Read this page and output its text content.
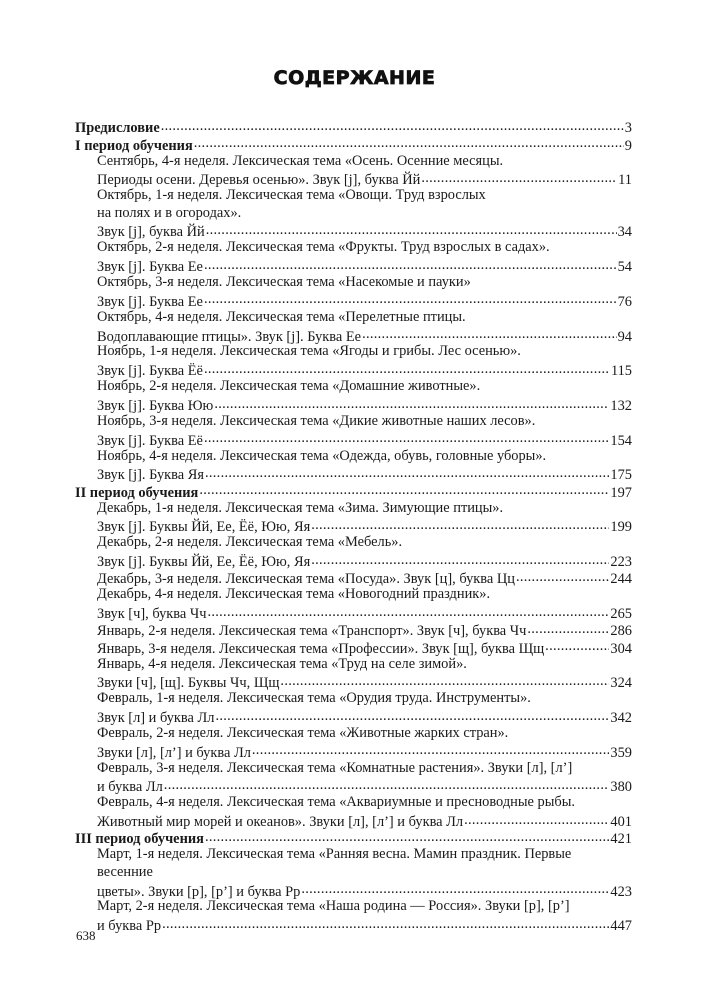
СОДЕРЖАНИЕ
Предисловие .....	3
I период обучения .....	9
Сентябрь, 4-я неделя. Лексическая тема «Осень. Осенние месяцы.
Периоды осени. Деревья осенью». Звук [j], буква Йй .....	11
Октябрь, 1-я неделя. Лексическая тема «Овощи. Труд взрослых
на полях и в огородах».
Звук [j], буква Йй .....	34
Октябрь, 2-я неделя. Лексическая тема «Фрукты. Труд взрослых в садах».
Звук [j]. Буква Ее .....	54
Октябрь, 3-я неделя. Лексическая тема «Насекомые и пауки»
Звук [j]. Буква Ее .....	76
Октябрь, 4-я неделя. Лексическая тема «Перелетные птицы.
Водоплавающие птицы». Звук [j]. Буква Ее .....	94
Ноябрь, 1-я неделя. Лексическая тема «Ягоды и грибы. Лес осенью».
Звук [j]. Буква Ёё .....	115
Ноябрь, 2-я неделя. Лексическая тема «Домашние животные».
Звук [j]. Буква Юю .....	132
Ноябрь, 3-я неделя. Лексическая тема «Дикие животные наших лесов».
Звук [j]. Буква Её .....	154
Ноябрь, 4-я неделя. Лексическая тема «Одежда, обувь, головные уборы».
Звук [j]. Буква Яя .....	175
II период обучения .....	197
Декабрь, 1-я неделя. Лексическая тема «Зима. Зимующие птицы».
Звук [j]. Буквы Йй, Ее, Ёё, Юю, Яя .....	199
Декабрь, 2-я неделя. Лексическая тема «Мебель».
Звук [j]. Буквы Йй, Ее, Ёё, Юю, Яя .....	223
Декабрь, 3-я неделя. Лексическая тема «Посуда». Звук [ц], буква Цц .....	244
Декабрь, 4-я неделя. Лексическая тема «Новогодний праздник».
Звук [ч], буква Чч .....	265
Январь, 2-я неделя. Лексическая тема «Транспорт». Звук [ч], буква Чч .....	286
Январь, 3-я неделя. Лексическая тема «Профессии». Звук [щ], буква Щщ .....	304
Январь, 4-я неделя. Лексическая тема «Труд на селе зимой».
Звуки [ч], [щ]. Буквы Чч, Щщ .....	324
Февраль, 1-я неделя. Лексическая тема «Орудия труда. Инструменты».
Звук [л] и буква Лл .....	342
Февраль, 2-я неделя. Лексическая тема «Животные жарких стран».
Звуки [л], [л’] и буква Лл .....	359
Февраль, 3-я неделя. Лексическая тема «Комнатные растения». Звуки [л], [л’]
и буква Лл .....	380
Февраль, 4-я неделя. Лексическая тема «Аквариумные и пресноводные рыбы.
Животный мир морей и океанов». Звуки [л], [л’] и буква Лл .....	401
III период обучения .....	421
Март, 1-я неделя. Лексическая тема «Ранняя весна. Мамин праздник. Первые
весенние
цветы». Звуки [р], [р’] и буква Рр .....	423
Март, 2-я неделя. Лексическая тема «Наша родина — Россия». Звуки [р], [р’]
и буква Рр .....	447
638
